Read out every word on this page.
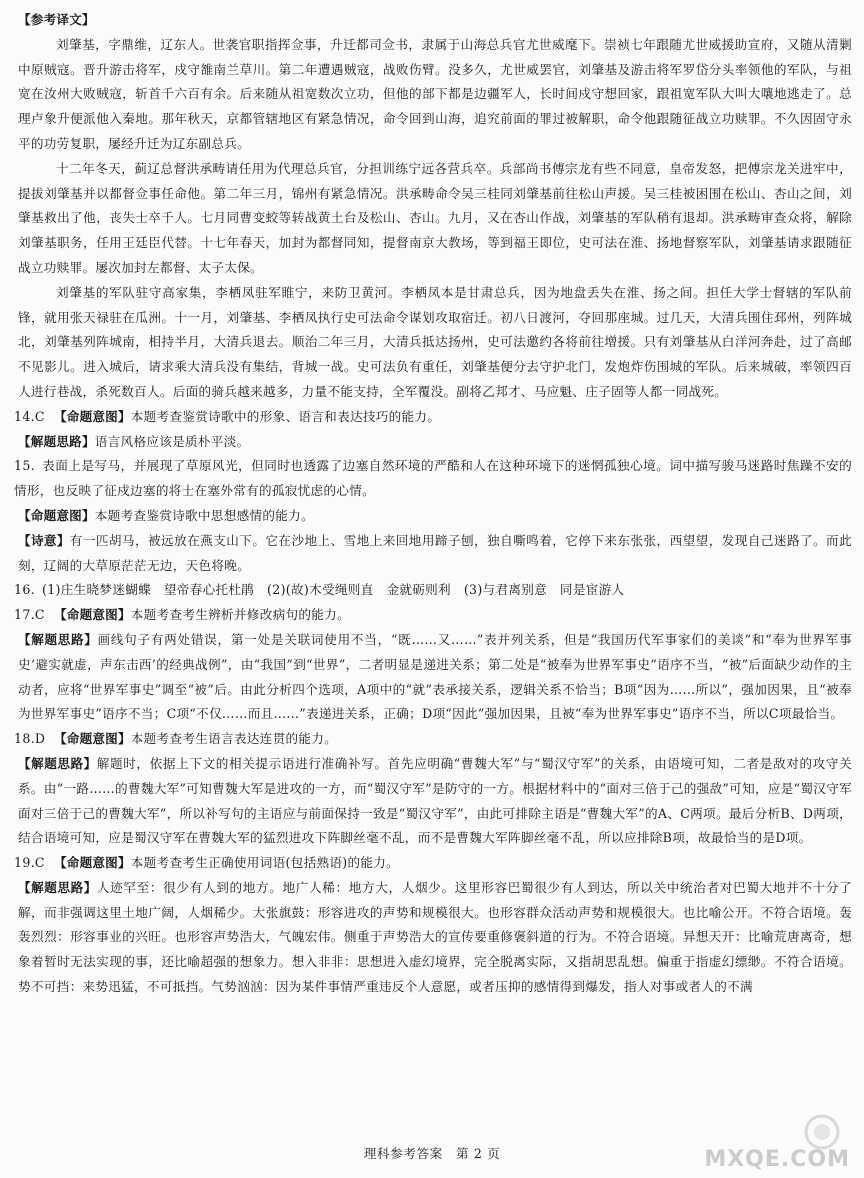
【参考译文】

刘肇基，字鼎维，辽东人。世袭官职指挥佥事，升迁都司佥书，隶属于山海总兵官尤世威麾下。崇祯七年跟随尤世威援助宣府，又随从清剿中原贼寇。晋升游击将军，戍守雒南兰草川。第二年遭遇贼寇，战败伤臂。没多久，尤世威罢官，刘肇基及游击将军罗岱分头率领他的军队，与祖宽在汝州大败贼寇，斩首千六百有余。后来随从祖宽数次立功，但他的部下都是边疆军人，长时间戍守想回家，跟祖宽军队大叫大嚷地逃走了。总理卢象升便派他入秦地。那年秋天，京都管辖地区有紧急情况，命令回到山海，追究前面的罪过被解职，命令他跟随征战立功赎罪。不久因固守永平的功劳复职，屡经升迁为辽东副总兵。

十二年冬天，蓟辽总督洪承畴请任用为代理总兵官，分担训练宁远各营兵卒。兵部尚书傅宗龙有些不同意，皇帝发怒，把傅宗龙关进牢中，提拔刘肇基并以都督佥事任命他。第二年三月，锦州有紧急情况。洪承畴命令吴三桂同刘肇基前往松山声援。吴三桂被困围在松山、杏山之间，刘肇基救出了他，丧失士卒千人。七月同曹变蛟等转战黄土台及松山、杏山。九月，又在杏山作战，刘肇基的军队稍有退却。洪承畴审查众将，解除刘肇基职务，任用王廷臣代替。十七年春天，加封为都督同知，提督南京大教场，等到福王即位，史可法在淮、扬地督察军队，刘肇基请求跟随征战立功赎罪。屡次加封左都督、太子太保。

刘肇基的军队驻守高家集，李栖凤驻军睢宁，来防卫黄河。李栖凤本是甘肃总兵，因为地盘丢失在淮、扬之间。担任大学士督辖的军队前锋，就用张天禄驻在瓜洲。十一月，刘肇基、李栖凤执行史可法命令谋划攻取宿迁。初八日渡河，夺回那座城。过几天，大清兵围住邳州，列阵城北，刘肇基列阵城南，相持半月，大清兵退去。顺治二年三月，大清兵抵达扬州，史可法邀约各将前往增援。只有刘肇基从白洋河奔赴，过了高邮不见影儿。进入城后，请求乘大清兵没有集结，背城一战。史可法负有重任，刘肇基便分去守护北门，发炮炸伤围城的军队。后来城破，率领四百人进行巷战，杀死数百人。后面的骑兵越来越多，力量不能支持，全军覆没。副将乙邦才、马应魁、庄子固等人都一同战死。

14.C 【命题意图】本题考查鉴赏诗歌中的形象、语言和表达技巧的能力。

【解题思路】语言风格应该是质朴平淡。

15. 表面上是写马，并展现了草原风光，但同时也透露了边塞自然环境的严酷和人在这种环境下的迷惘孤独心境。词中描写骏马迷路时焦躁不安的情形，也反映了征戍边塞的将士在塞外常有的孤寂忧虑的心情。

【命题意图】本题考查鉴赏诗歌中思想感情的能力。

【诗意】有一匹胡马，被远放在燕支山下。它在沙地上、雪地上来回地用蹄子刨，独自嘶鸣着，它停下来东张张，西望望，发现自己迷路了。而此刻，辽阔的大草原茫茫无边，天色将晚。

16. (1)庄生晓梦迷蝴蝶　望帝春心托杜鹃　(2)(故)木受绳则直　金就砺则利　(3)与君离别意　同是宦游人

17.C 【命题意图】本题考查考生辨析并修改病句的能力。

【解题思路】画线句子有两处错误，第一处是关联词使用不当，“既……又……”表并列关系，但是“我国历代军事家们的美谈”和“奉为世界军事史‘避实就虚，声东击西’的经典战例”，由“我国”到“世界”，二者明显是递进关系；第二处是“被奉为世界军事史”语序不当，“被”后面缺少动作的主动者，应将“世界军事史”调至“被”后。由此分析四个选项，A项中的“就”表承接关系，逻辑关系不恰当；B项“因为……所以”，强加因果，且“被奉为世界军事史”语序不当；C项“不仅……而且……”表递进关系，正确；D项“因此”强加因果，且被“奉为世界军事史”语序不当，所以C项最恰当。

18.D 【命题意图】本题考查考生语言表达连贯的能力。

【解题思路】解题时，依据上下文的相关提示语进行准确补写。首先应明确“曹魏大军”与“蜀汉守军”的关系，由语境可知，二者是敌对的攻守关系。由“一路……的曹魏大军”可知曹魏大军是进攻的一方，而“蜀汉守军”是防守的一方。根据材料中的“面对三倍于己的强敌”可知，应是“蜀汉守军面对三倍于己的曹魏大军”，所以补写句的主语应与前面保持一致是“蜀汉守军”，由此可排除主语是“曹魏大军”的A、C两项。最后分析B、D两项，结合语境可知，应是蜀汉守军在曹魏大军的猛烈进攻下阵脚丝毫不乱，而不是曹魏大军阵脚丝毫不乱，所以应排除B项，故最恰当的是D项。

19.C 【命题意图】本题考查考生正确使用词语(包括熟语)的能力。

【解题思路】人迹罕至：很少有人到的地方。地广人稀：地方大，人烟少。这里形容巴蜀很少有人到达，所以关中统治者对巴蜀大地并不十分了解，而非强调这里土地广阔，人烟稀少。大张旗鼓：形容进攻的声势和规模很大。也形容群众活动声势和规模很大。也比喻公开。不符合语境。轰轰烈烈：形容事业的兴旺。也形容声势浩大，气魄宏伟。侧重于声势浩大的宣传要重修褒斜道的行为。不符合语境。异想天开：比喻荒唐离奇，想象着暂时无法实现的事，还比喻超强的想象力。想入非非：思想进入虚幻境界，完全脱离实际，又指胡思乱想。偏重于指虚幻缥缈。不符合语境。势不可挡：来势迅猛，不可抵挡。气势汹汹：因为某件事情严重违反个人意愿，或者压抑的感情得到爆发，指人对事或者人的不满

理科参考答案　第 2 页	MXQE.COM
